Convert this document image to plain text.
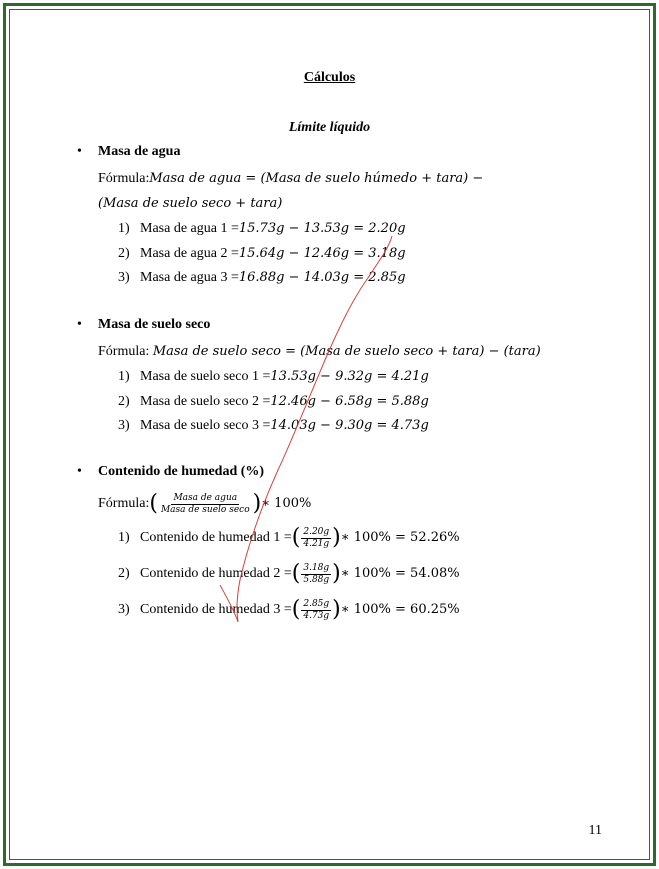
Cálculos
Límite líquido
•	Masa de agua
Fórmula:Masa de agua = (Masa de suelo húmedo + tara) −
(Masa de suelo seco + tara)
1) Masa de agua 1 = 15.73g − 13.53g = 2.20g
2) Masa de agua 2 = 15.64g − 12.46g = 3.18g
3) Masa de agua 3 = 16.88g − 14.03g = 2.85g
•	Masa de suelo seco
Fórmula: Masa de suelo seco = (Masa de suelo seco + tara) − (tara)
1) Masa de suelo seco 1 = 13.53g − 9.32g = 4.21g
2) Masa de suelo seco 2 = 12.46g − 6.58g = 5.88g
3) Masa de suelo seco 3 = 14.03g − 9.30g = 4.73g
•	Contenido de humedad (%)
Fórmula: ( $\frac{\text{Masa de agua}}{\text{Masa de suelo seco}}$ ) ∗ 100%
1) Contenido de humedad 1 = ( $\frac{2.20g}{4.21g}$ ) ∗ 100% = 52.26%
2) Contenido de humedad 2 = ( $\frac{3.18g}{5.88g}$ ) ∗ 100% = 54.08%
3) Contenido de humedad 3 = ( $\frac{2.85g}{4.73g}$ ) ∗ 100% = 60.25%
11
